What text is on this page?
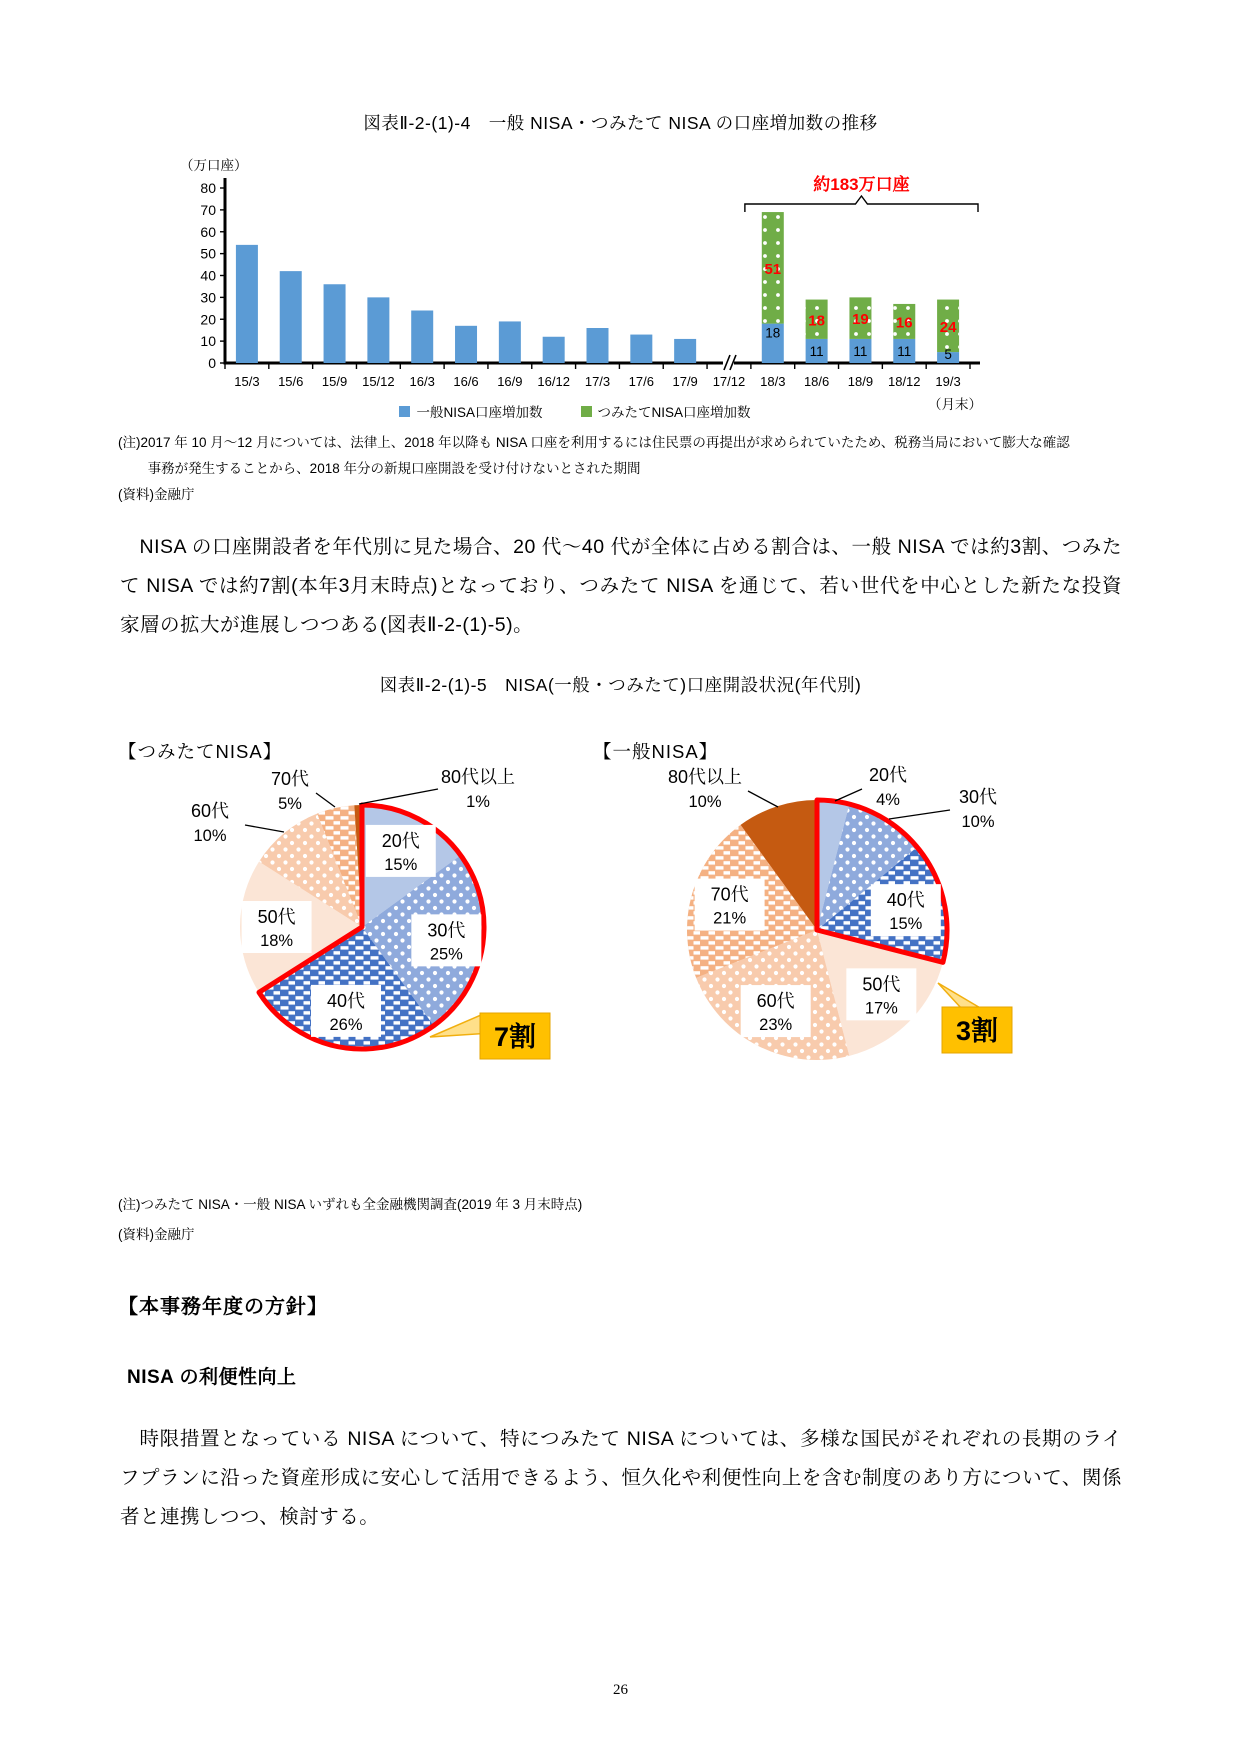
図表Ⅱ-2-(1)-4　一般 NISA・つみたて NISA の口座増加数の推移
0
10
20
30
40
50
60
70
80
15/3 15/6 15/9 15/12 16/3 16/6 16/9 16/12 17/3 17/6 17/9 17/12
18
51
18/3
11
18
18/6
11
19
18/9
11
16
18/12
5
24
19/3
（万口座）
（月末）
約183万口座
一般NISA口座増加数	つみたてNISA口座増加数
(注)2017 年 10 月～12 月については、法律上、2018 年以降も NISA 口座を利用するには住民票の再提出が求められていたため、税務当局において膨大な確認
事務が発生することから、2018 年分の新規口座開設を受け付けないとされた期間
(資料)金融庁
NISA の口座開設者を年代別に見た場合、20 代～40 代が全体に占める割合は、一般 NISA では約3割、つみたて NISA では約7割(本年3月末時点)となっており、つみたて NISA を通じて、若い世代を中心とした新たな投資家層の拡大が進展しつつある(図表Ⅱ-2-(1)-5)。
図表Ⅱ-2-(1)-5　NISA(一般・つみたて)口座開設状況(年代別)
【つみたてNISA】	【一般NISA】
20代
15%
30代
25%
40代
26%
50代
18%
60代
10%
70代
5%
80代以上
1%
7割
20代
4%	30代
10%
40代
15%
50代
17%
60代
23%
70代
21%
80代以上
10%
3割
(注)つみたて NISA・一般 NISA いずれも全金融機関調査(2019 年 3 月末時点)
(資料)金融庁
【本事務年度の方針】
NISA の利便性向上
時限措置となっている NISA について、特につみたて NISA については、多様な国民がそれぞれの長期のライフプランに沿った資産形成に安心して活用できるよう、恒久化や利便性向上を含む制度のあり方について、関係者と連携しつつ、検討する。
26
